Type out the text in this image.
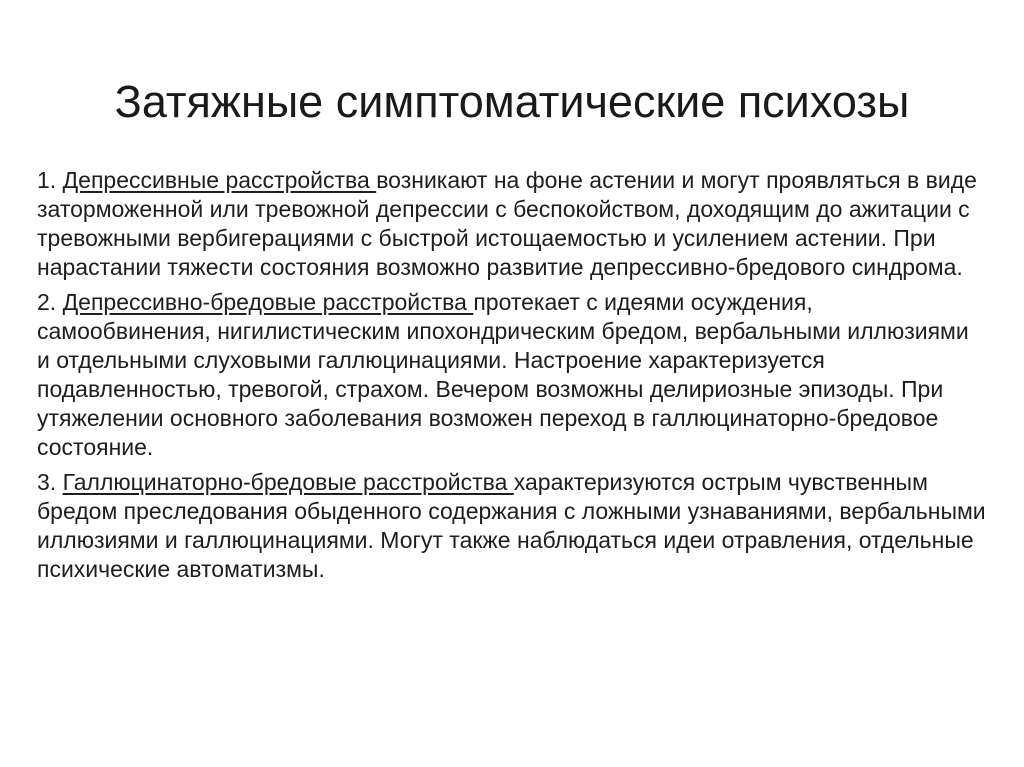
Затяжные симптоматические психозы

1. Депрессивные расстройства возникают на фоне астении и могут проявляться в виде заторможенной или тревожной депрессии с беспокойством, доходящим до ажитации с тревожными вербигерациями с быстрой истощаемостью и усилением астении. При нарастании тяжести состояния возможно развитие депрессивно-бредового синдрома.

2. Депрессивно-бредовые расстройства протекает с идеями осуждения, самообвинения, нигилистическим ипохондрическим бредом, вербальными иллюзиями и отдельными слуховыми галлюцинациями. Настроение характеризуется подавленностью, тревогой, страхом. Вечером возможны делириозные эпизоды. При утяжелении основного заболевания возможен переход в галлюцинаторно-бредовое состояние.

3. Галлюцинаторно-бредовые расстройства характеризуются острым чувственным бредом преследования обыденного содержания с ложными узнаваниями, вербальными иллюзиями и галлюцинациями. Могут также наблюдаться идеи отравления, отдельные психические автоматизмы.
